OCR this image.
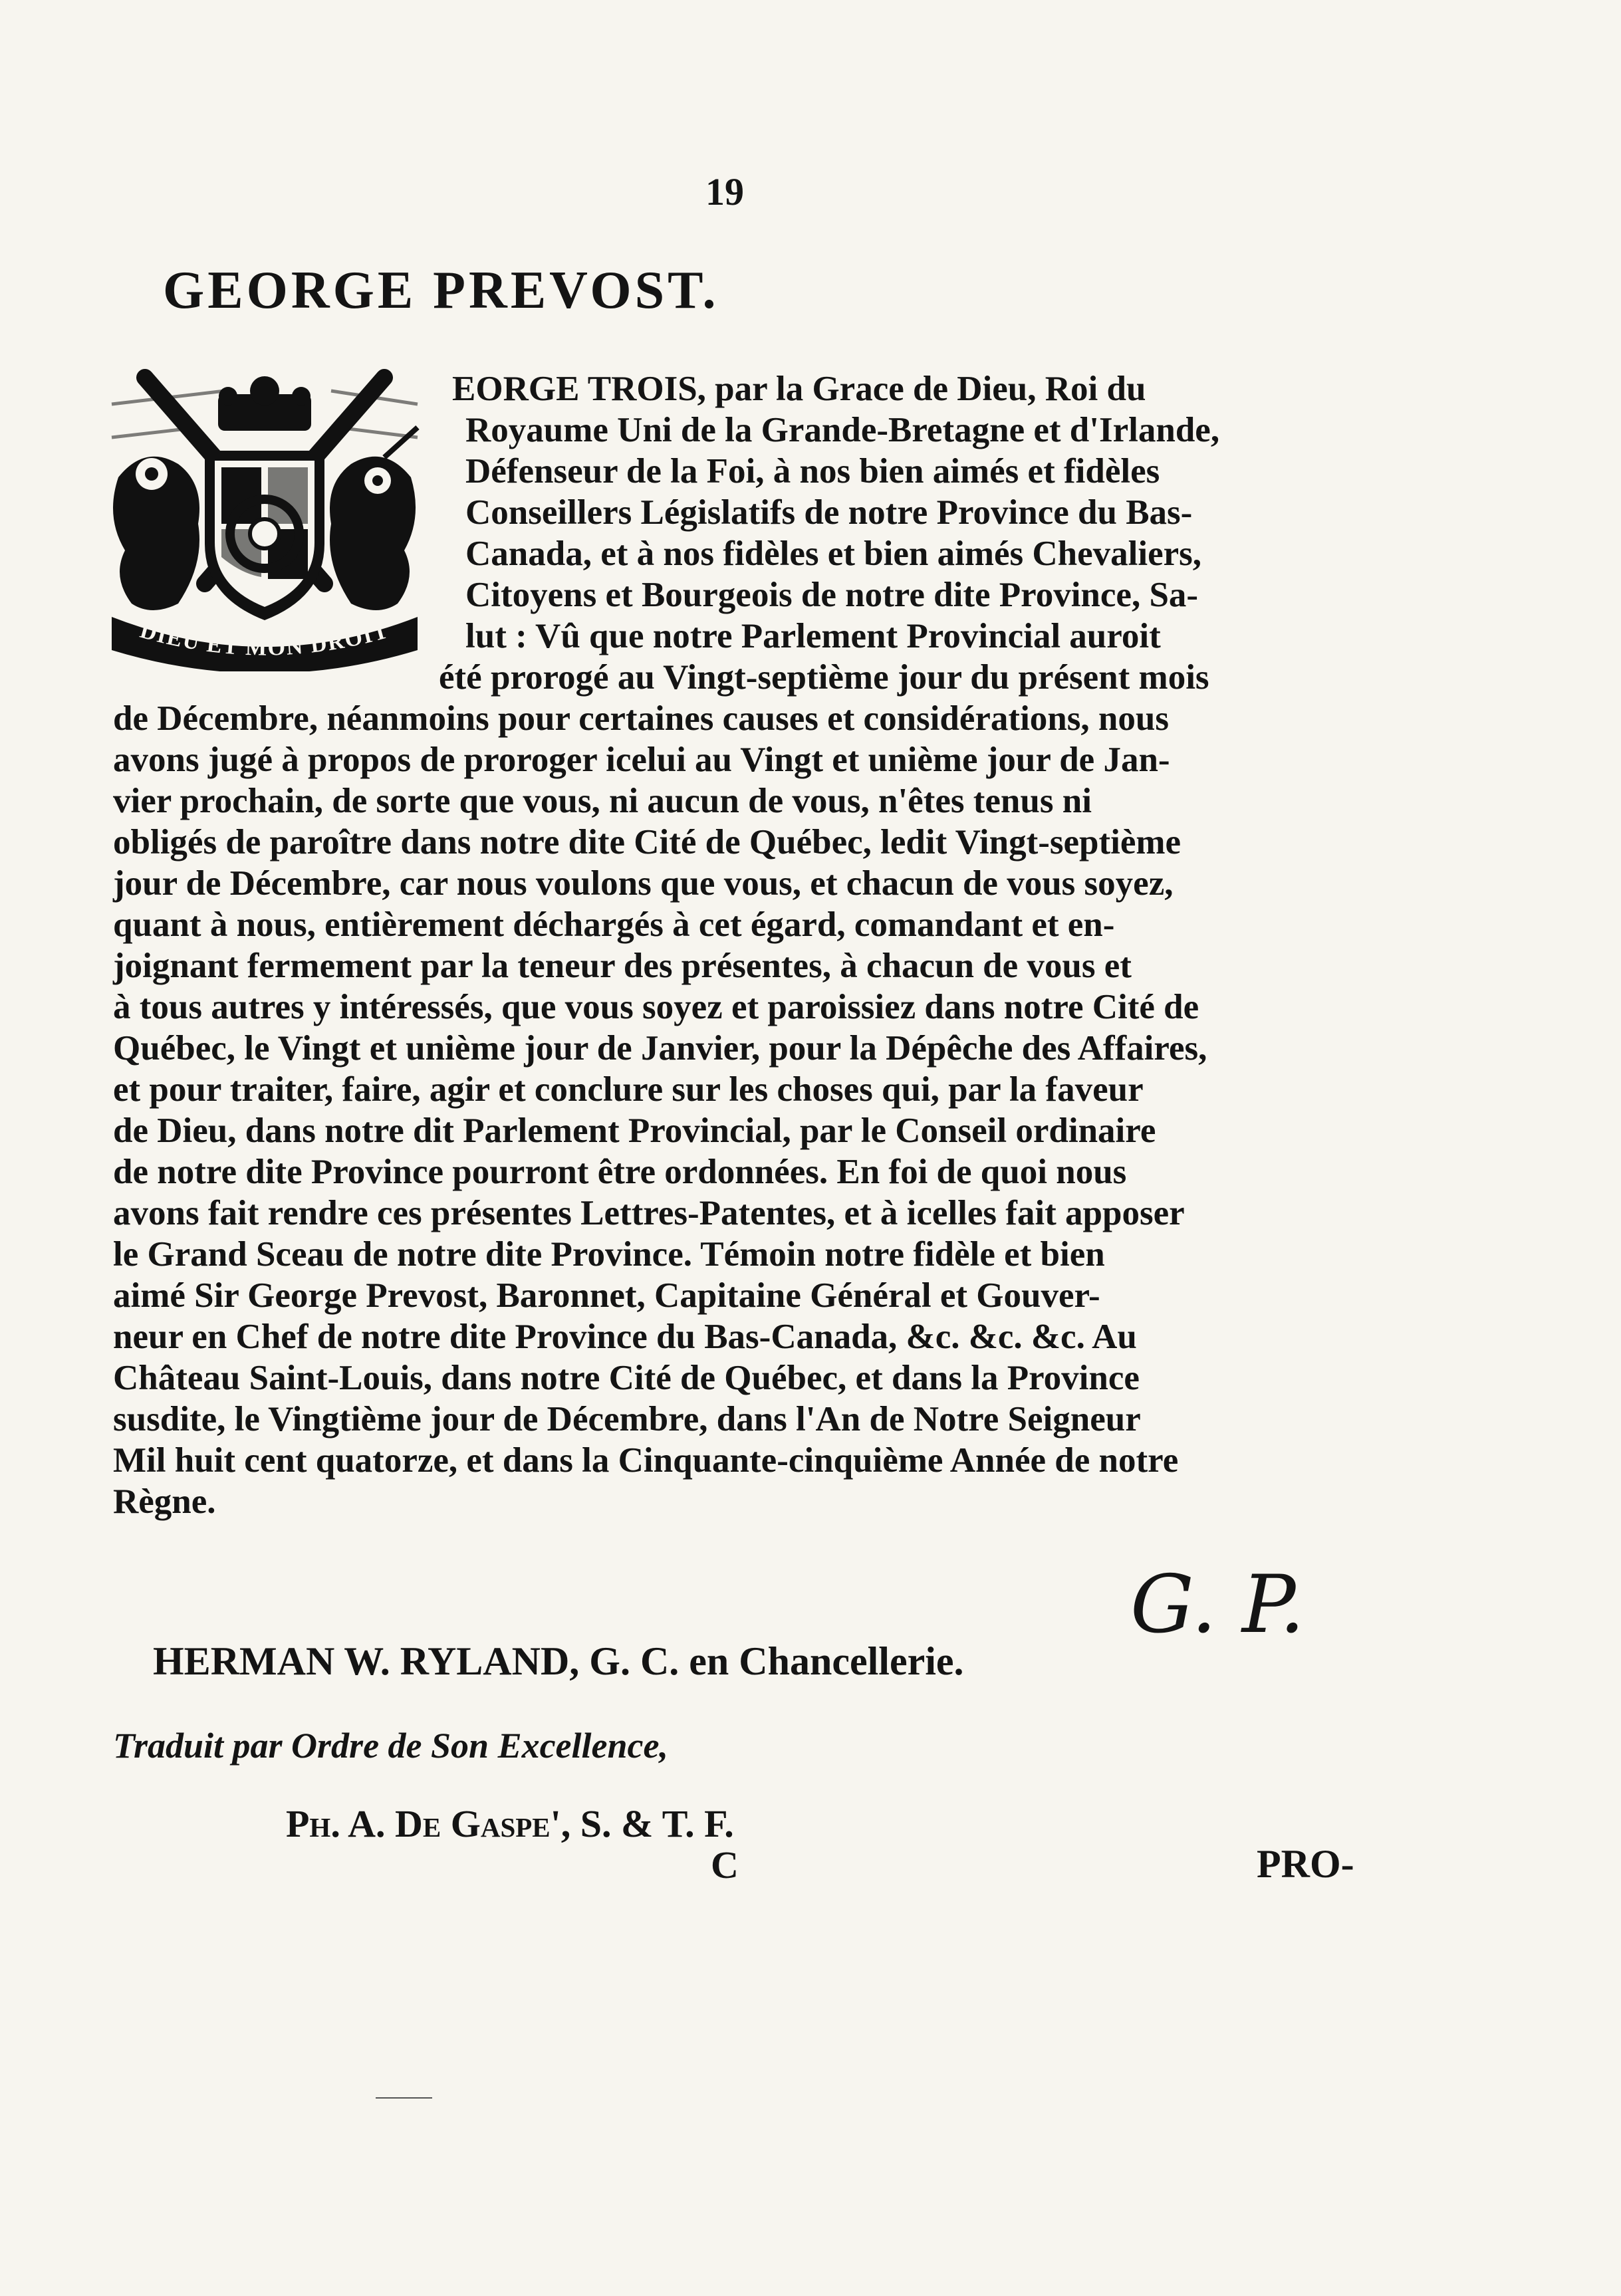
19
GEORGE PREVOST.
DIEU ET MON DROIT
EORGE TROIS, par la Grace de Dieu, Roi du
Royaume Uni de la Grande-Bretagne et d'Irlande,
Défenseur de la Foi, à nos bien aimés et fidèles
Conseillers Législatifs de notre Province du Bas-
Canada, et à nos fidèles et bien aimés Chevaliers,
Citoyens et Bourgeois de notre dite Province, Sa-
lut : Vû que notre Parlement Provincial auroit
été prorogé au Vingt-septième jour du présent mois
de Décembre, néanmoins pour certaines causes et considérations, nous
avons jugé à propos de proroger icelui au Vingt et unième jour de Jan-
vier prochain, de sorte que vous, ni aucun de vous, n'êtes tenus ni
obligés de paroître dans notre dite Cité de Québec, ledit Vingt-septième
jour de Décembre, car nous voulons que vous, et chacun de vous soyez,
quant à nous, entièrement déchargés à cet égard, comandant et en-
joignant fermement par la teneur des présentes, à chacun de vous et
à tous autres y intéressés, que vous soyez et paroissiez dans notre Cité de
Québec, le Vingt et unième jour de Janvier, pour la Dépêche des Affaires,
et pour traiter, faire, agir et conclure sur les choses qui, par la faveur
de Dieu, dans notre dit Parlement Provincial, par le Conseil ordinaire
de notre dite Province pourront être ordonnées. En foi de quoi nous
avons fait rendre ces présentes Lettres-Patentes, et à icelles fait apposer
le Grand Sceau de notre dite Province. Témoin notre fidèle et bien
aimé Sir George Prevost, Baronnet, Capitaine Général et Gouver-
neur en Chef de notre dite Province du Bas-Canada, &c. &c. &c. Au
Château Saint-Louis, dans notre Cité de Québec, et dans la Province
susdite, le Vingtième jour de Décembre, dans l'An de Notre Seigneur
Mil huit cent quatorze, et dans la Cinquante-cinquième Année de notre
Règne.
G. P.
HERMAN W. RYLAND, G. C. en Chancellerie.
Traduit par Ordre de Son Excellence,
Ph. A. De Gaspe', S. & T. F.
C	PRO-
